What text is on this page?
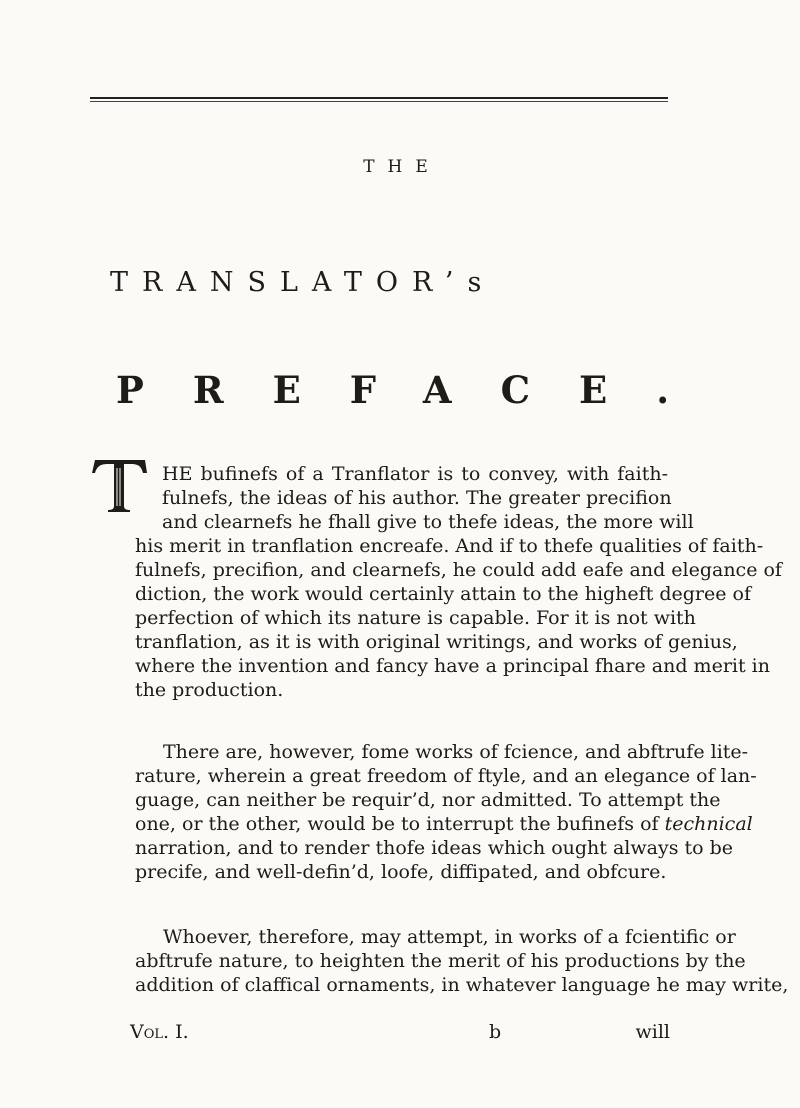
THE
TRANSLATOR’s
PREFACE.
HE bufinefs of a Tranflator is to convey, with faith-
fulnefs, the ideas of his author. The greater precifion
and clearnefs he fhall give to thefe ideas, the more will
his merit in tranflation encreafe. And if to thefe qualities of faith-
fulnefs, precifion, and clearnefs, he could add eafe and elegance of
diction, the work would certainly attain to the higheft degree of
perfection of which its nature is capable. For it is not with
tranflation, as it is with original writings, and works of genius,
where the invention and fancy have a principal fhare and merit in
the production.
There are, however, fome works of fcience, and abftrufe lite-
rature, wherein a great freedom of ftyle, and an elegance of lan-
guage, can neither be requir’d, nor admitted. To attempt the
one, or the other, would be to interrupt the bufinefs of technical
narration, and to render thofe ideas which ought always to be
precife, and well-defin’d, loofe, diffipated, and obfcure.
Whoever, therefore, may attempt, in works of a fcientific or
abftrufe nature, to heighten the merit of his productions by the
addition of claffical ornaments, in whatever language he may write,
Vol. I.	b	will
